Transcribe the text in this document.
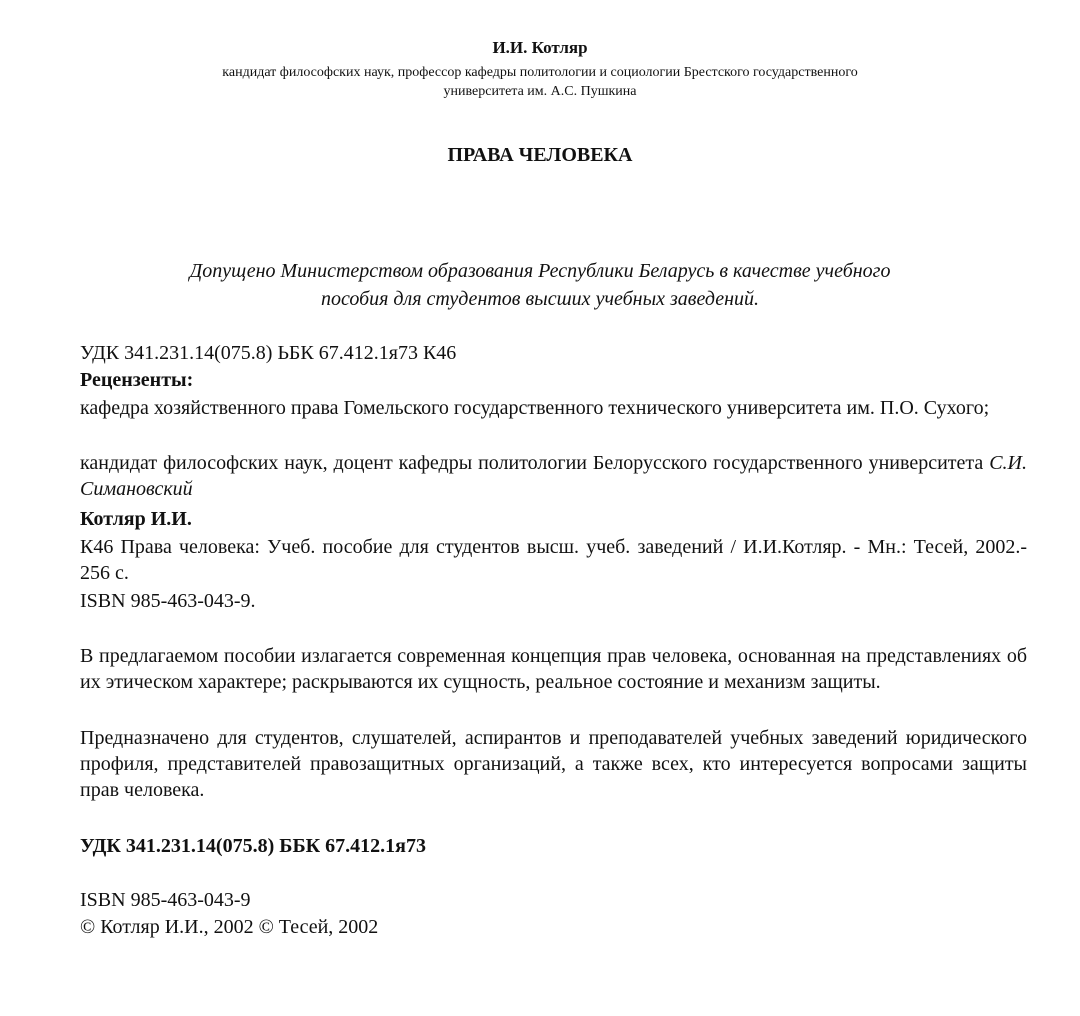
И.И. Котляр
кандидат философских наук, профессор кафедры политологии и социологии Брестского государственного
университета им. А.С. Пушкина
ПРАВА ЧЕЛОВЕКА
Допущено Министерством образования Республики Беларусь в качестве учебного
пособия для студентов высших учебных заведений.

УДК 341.231.14(075.8) ЬБК 67.412.1я73 К46

Рецензенты:

кафедра хозяйственного права Гомельского государственного технического университета им. П.О. Сухого;

кандидат философских наук, доцент кафедры политологии Белорусского государственного университета С.И. Симановский

Котляр И.И.

К46 Права человека: Учеб. пособие для студентов высш. учеб. заведений / И.И.Котляр. - Мн.: Тесей, 2002.- 256 с.

ISBN 985-463-043-9.

В предлагаемом пособии излагается современная концепция прав человека, основанная на представлениях об их этическом характере; раскрываются их сущность, реальное состояние и механизм защиты.

Предназначено для студентов, слушателей, аспирантов и преподавателей учебных заведений юридического профиля, представителей правозащитных организаций, а также всех, кто интересуется вопросами защиты прав человека.

УДК 341.231.14(075.8) ББК 67.412.1я73

ISBN 985-463-043-9

© Котляр И.И., 2002 © Тесей, 2002
